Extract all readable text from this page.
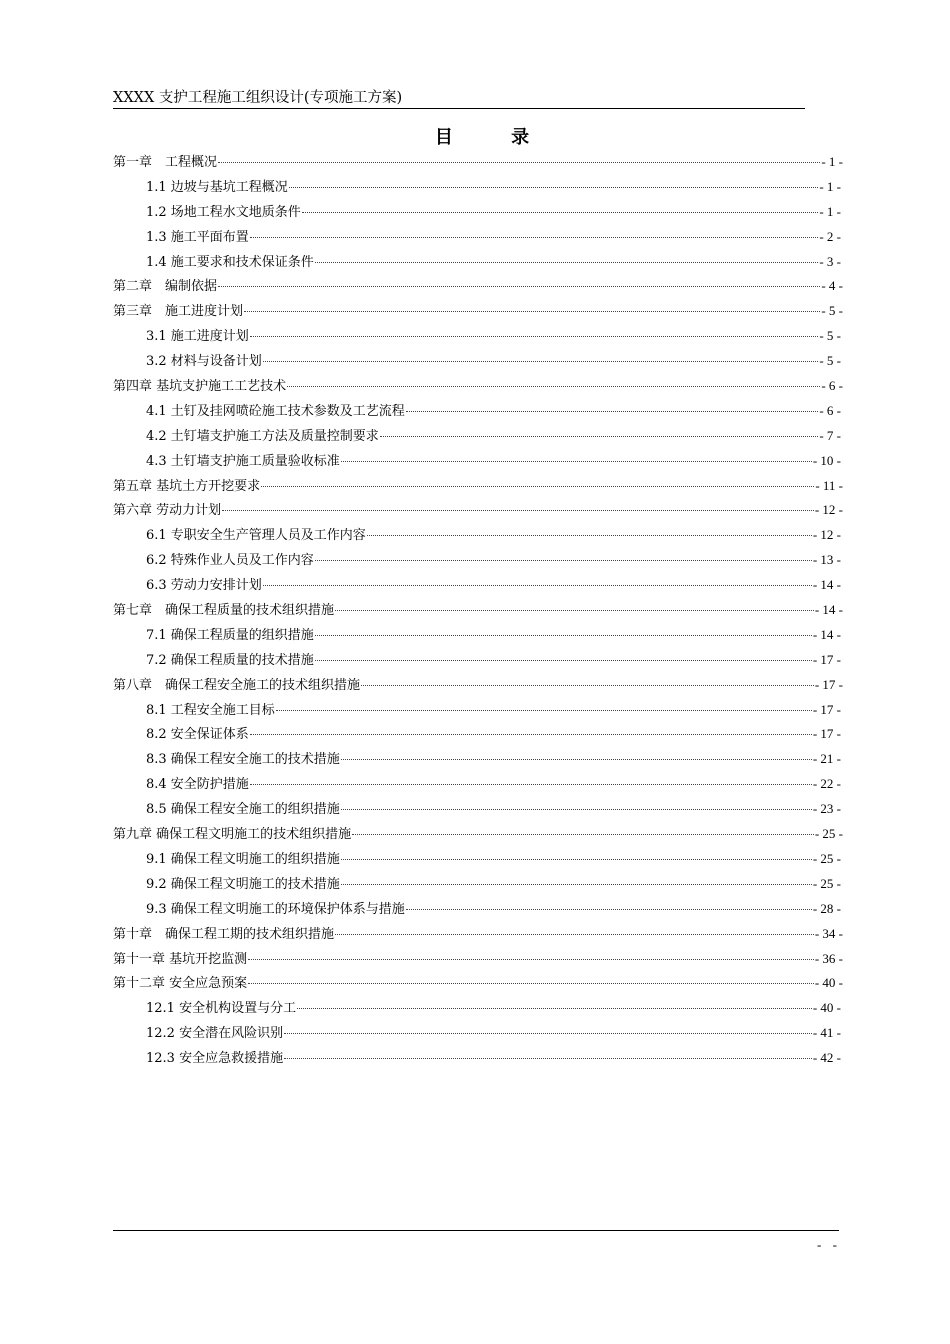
XXXX 支护工程施工组织设计(专项施工方案)
目 录
第一章　工程概况	- 1 -
1.1 边坡与基坑工程概况	- 1 -
1.2 场地工程水文地质条件	- 1 -
1.3 施工平面布置	- 2 -
1.4 施工要求和技术保证条件	- 3 -
第二章　编制依据	- 4 -
第三章　施工进度计划	- 5 -
3.1 施工进度计划	- 5 -
3.2 材料与设备计划	- 5 -
第四章 基坑支护施工工艺技术	- 6 -
4.1 土钉及挂网喷砼施工技术参数及工艺流程	- 6 -
4.2 土钉墙支护施工方法及质量控制要求	- 7 -
4.3 土钉墙支护施工质量验收标准	- 10 -
第五章 基坑土方开挖要求	- 11 -
第六章 劳动力计划	- 12 -
6.1 专职安全生产管理人员及工作内容	- 12 -
6.2 特殊作业人员及工作内容	- 13 -
6.3 劳动力安排计划	- 14 -
第七章　确保工程质量的技术组织措施	- 14 -
7.1 确保工程质量的组织措施	- 14 -
7.2 确保工程质量的技术措施	- 17 -
第八章　确保工程安全施工的技术组织措施	- 17 -
8.1 工程安全施工目标	- 17 -
8.2 安全保证体系	- 17 -
8.3 确保工程安全施工的技术措施	- 21 -
8.4 安全防护措施	- 22 -
8.5 确保工程安全施工的组织措施	- 23 -
第九章 确保工程文明施工的技术组织措施	- 25 -
9.1 确保工程文明施工的组织措施	- 25 -
9.2 确保工程文明施工的技术措施	- 25 -
9.3 确保工程文明施工的环境保护体系与措施	- 28 -
第十章　确保工程工期的技术组织措施	- 34 -
第十一章 基坑开挖监测	- 36 -
第十二章 安全应急预案	- 40 -
12.1 安全机构设置与分工	- 40 -
12.2 安全潜在风险识别	- 41 -
12.3 安全应急救援措施	- 42 -
- -
